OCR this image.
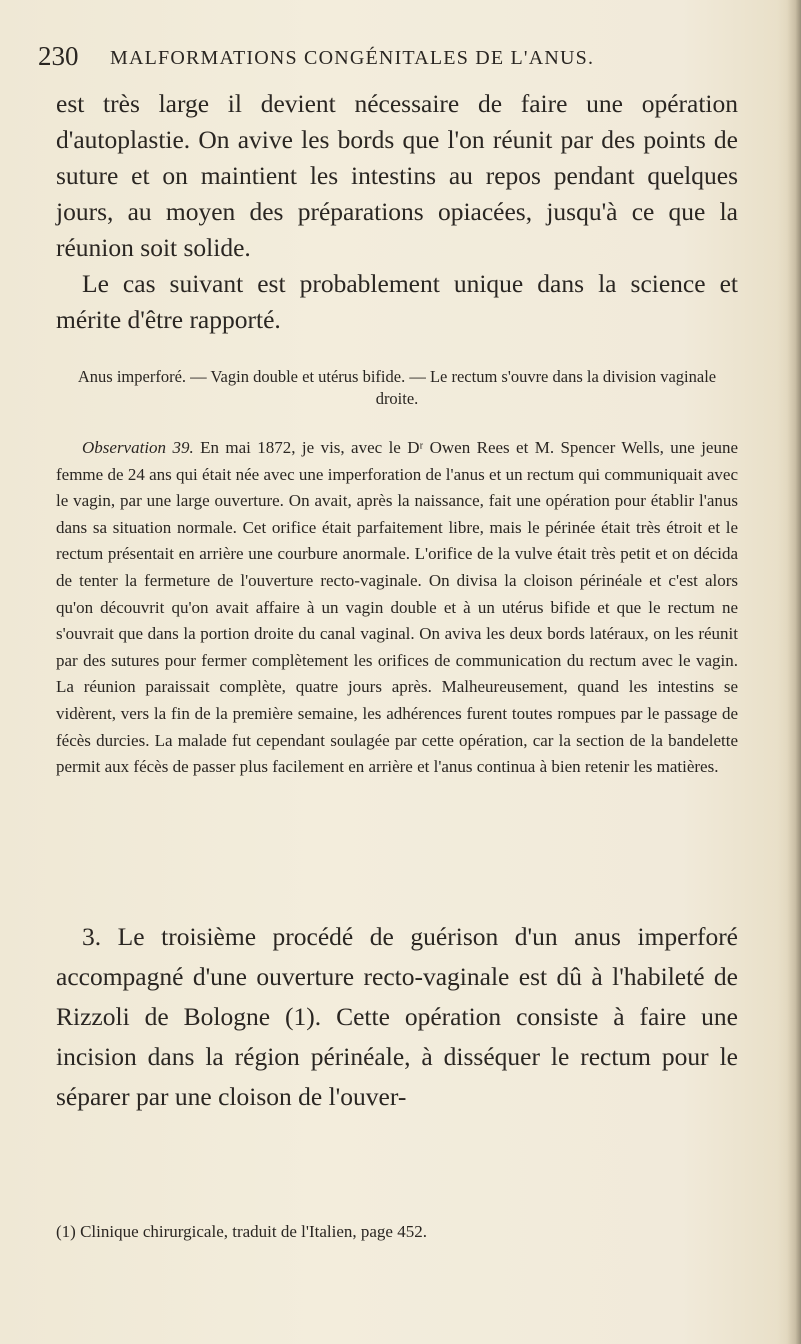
230 MALFORMATIONS CONGÉNITALES DE L'ANUS.

est très large il devient nécessaire de faire une opération d'autoplastie. On avive les bords que l'on réunit par des points de suture et on maintient les intestins au repos pendant quelques jours, au moyen des préparations opiacées, jusqu'à ce que la réunion soit solide.

Le cas suivant est probablement unique dans la science et mérite d'être rapporté.

Anus imperforé. — Vagin double et utérus bifide. — Le rectum s'ouvre dans la division vaginale droite.

Observation 39. En mai 1872, je vis, avec le Dʳ Owen Rees et M. Spencer Wells, une jeune femme de 24 ans qui était née avec une imperforation de l'anus et un rectum qui communiquait avec le vagin, par une large ouverture. On avait, après la naissance, fait une opération pour établir l'anus dans sa situation normale. Cet orifice était parfaitement libre, mais le périnée était très étroit et le rectum présentait en arrière une courbure anormale. L'orifice de la vulve était très petit et on décida de tenter la fermeture de l'ouverture recto-vaginale. On divisa la cloison périnéale et c'est alors qu'on découvrit qu'on avait affaire à un vagin double et à un utérus bifide et que le rectum ne s'ouvrait que dans la portion droite du canal vaginal. On aviva les deux bords latéraux, on les réunit par des sutures pour fermer complètement les orifices de communication du rectum avec le vagin. La réunion paraissait complète, quatre jours après. Malheureusement, quand les intestins se vidèrent, vers la fin de la première semaine, les adhérences furent toutes rompues par le passage de fécès durcies. La malade fut cependant soulagée par cette opération, car la section de la bandelette permit aux fécès de passer plus facilement en arrière et l'anus continua à bien retenir les matières.

3. Le troisième procédé de guérison d'un anus imperforé accompagné d'une ouverture recto-vaginale est dû à l'habileté de Rizzoli de Bologne (1). Cette opération consiste à faire une incision dans la région périnéale, à disséquer le rectum pour le séparer par une cloison de l'ouver-

(1) Clinique chirurgicale, traduit de l'Italien, page 452.
